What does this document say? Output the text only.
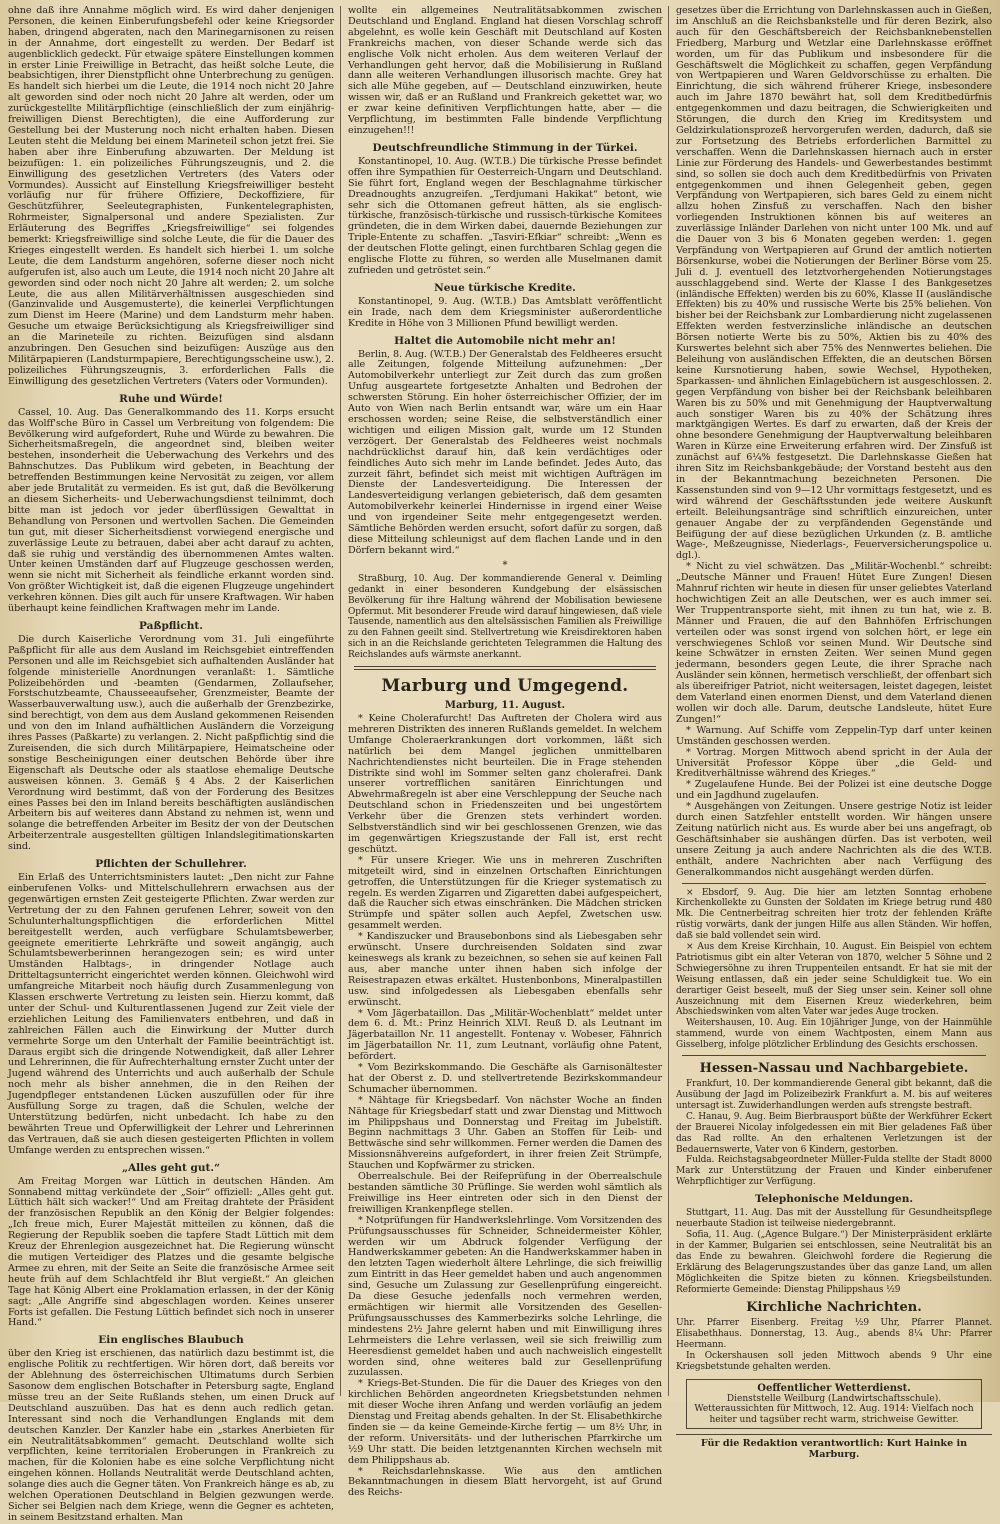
ohne daß ihre Annahme möglich wird. Es wird daher denjenigen Personen, die keinen Einberufungsbefehl oder keine Kriegsorder haben, dringend abgeraten, nach den Marinegarnisonen zu reisen in der Annahme, dort eingestellt zu werden. Der Bedarf ist augenblicklich gedeckt. Für etwaige spätere Einstellungen kommen in erster Linie Freiwillige in Betracht, das heißt solche Leute, die beabsichtigen, ihrer Dienstpflicht ohne Unterbrechung zu genügen. Es handelt sich hierbei um die Leute, die 1914 noch nicht 20 Jahre alt geworden sind oder noch nicht 20 Jahre alt werden, oder um zurückgestellte Militärpflichtige (einschließlich der zum einjährig-freiwilligen Dienst Berechtigten), die eine Aufforderung zur Gestellung bei der Musterung noch nicht erhalten haben. Diesen Leuten steht die Meldung bei einem Marineteil schon jetzt frei. Sie haben aber ihre Einberufung abzuwarten. Der Meldung ist beizufügen: 1. ein polizeiliches Führungszeugnis, und 2. die Einwilligung des gesetzlichen Vertreters (des Vaters oder Vormundes). Aussicht auf Einstellung Kriegsfreiwilliger besteht vorläufig nur für frühere Offiziere, Deckoffiziere, für Geschützführer, Seeleutegraphisten, Funkentelegraphisten, Rohrmeister, Signalpersonal und andere Spezialisten. Zur Erläuterung des Begriffes „Kriegsfreiwillige“ sei folgendes bemerkt: Kriegsfreiwillige sind solche Leute, die für die Dauer des Krieges eingestellt werden. Es handelt sich hierbei 1. um solche Leute, die dem Landsturm angehören, soferne dieser noch nicht aufgerufen ist, also auch um Leute, die 1914 noch nicht 20 Jahre alt geworden sind oder noch nicht 20 Jahre alt werden; 2. um solche Leute, die aus allen Militärverhältnissen ausgeschieden sind (Ganzinvalide und Ausgemusterte), die keinerlei Verpflichtungen zum Dienst im Heere (Marine) und dem Landsturm mehr haben. Gesuche um etwaige Berücksichtigung als Kriegsfreiwilliger sind an die Marineteile zu richten. Beizufügen sind alsdann anzubringen. Den Gesuchen sind beizufügen: Auszüge aus den Militärpapieren (Landsturmpapiere, Berechtigungsscheine usw.), 2. polizeiliches Führungszeugnis, 3. erforderlichen Falls die Einwilligung des gesetzlichen Vertreters (Vaters oder Vormunden).

Ruhe und Würde!

Cassel, 10. Aug. Das Generalkommando des 11. Korps ersucht das Wolff'sche Büro in Cassel um Verbreitung von folgendem: Die Bevölkerung wird aufgefordert, Ruhe und Würde zu bewahren. Die Sicherheitsmaßregeln, die angeordnet sind, bleiben weiter bestehen, insonderheit die Ueberwachung des Verkehrs und des Bahnschutzes. Das Publikum wird gebeten, in Beachtung der betreffenden Bestimmungen keine Nervosität zu zeigen, vor allem aber jede Brutalität zu vermeiden. Es ist gut, daß die Bevölkerung an diesem Sicherheits- und Ueberwachungsdienst teilnimmt, doch bitte man ist jedoch vor jeder überflüssigen Gewalttat in Behandlung von Personen und wertvollen Sachen. Die Gemeinden tun gut, mit dieser Sicherheitsdienst vorwiegend energische und zuverlässige Leute zu betrauen, dabei aber acht darauf zu achten, daß sie ruhig und verständig des übernommenen Amtes walten. Unter keinen Umständen darf auf Flugzeuge geschossen werden, wenn sie nicht mit Sicherheit als feindliche erkannt worden sind. Von größter Wichtigkeit ist, daß die eigenen Flugzeuge ungehindert verkehren können. Dies gilt auch für unsere Kraftwagen. Wir haben überhaupt keine feindlichen Kraftwagen mehr im Lande.

Paßpflicht.

Die durch Kaiserliche Verordnung vom 31. Juli eingeführte Paßpflicht für alle aus dem Ausland im Reichsgebiet eintreffenden Personen und alle im Reichsgebiet sich aufhaltenden Ausländer hat folgende ministerielle Anordnungen veranlaßt: 1. Sämtliche Polizeibehörden und -beamten (Gendarmen, Zollaufseher, Forstschutzbeamte, Chausseeaufseher, Grenzmeister, Beamte der Wasserbauverwaltung usw.), auch die außerhalb der Grenzbezirke, sind berechtigt, von dem aus dem Ausland gekommenen Reisenden und von den im Inland aufhältlichen Ausländern die Vorzeigung ihres Passes (Paßkarte) zu verlangen. 2. Nicht paßpflichtig sind die Zureisenden, die sich durch Militärpapiere, Heimatscheine oder sonstige Bescheinigungen einer deutschen Behörde über ihre Eigenschaft als Deutsche oder als staatlose ehemalige Deutsche ausweisen können. 3. Gemäß § 4 Abs. 2 der Kaiserlichen Verordnung wird bestimmt, daß von der Forderung des Besitzes eines Passes bei den im Inland bereits beschäftigten ausländischen Arbeitern bis auf weiteres dann Abstand zu nehmen ist, wenn und solange die betreffenden Arbeiter im Besitz der von der Deutschen Arbeiterzentrale ausgestellten gültigen Inlandslegitimationskarten sind.

Pflichten der Schullehrer.

Ein Erlaß des Unterrichtsministers lautet: „Den nicht zur Fahne einberufenen Volks- und Mittelschullehrern erwachsen aus der gegenwärtigen ernsten Zeit gesteigerte Pflichten. Zwar werden zur Vertretung der zu den Fahnen gerufenen Lehrer, soweit von den Schulunterhaltungspflichtigen die erforderlichen Mittel bereitgestellt werden, auch verfügbare Schulamtsbewerber, geeignete emeritierte Lehrkräfte und soweit angängig, auch Schulamtsbewerberinnen herangezogen sein; es wird unter Umständen Halbtags-, in dringender Notlage auch Dritteltagsunterricht eingerichtet werden können. Gleichwohl wird umfangreiche Mitarbeit noch häufig durch Zusammenlegung von Klassen erschwerte Vertretung zu leisten sein. Hierzu kommt, daß unter der Schul- und Kulturentlassenen Jugend zur Zeit viele der erziehlichen Leitung des Familienvaters entbehren, und daß in zahlreichen Fällen auch die Einwirkung der Mutter durch vermehrte Sorge um den Unterhalt der Familie beeinträchtigt ist. Daraus ergibt sich die dringende Notwendigkeit, daß aller Lehrer und Lehrerinnen, die für Aufrechterhaltung ernster Zucht unter der Jugend während des Unterrichts und auch außerhalb der Schule noch mehr als bisher annehmen, die in den Reihen der Jugendpfleger entstandenen Lücken auszufüllen oder für ihre Ausfüllung Sorge zu tragen, daß die Schulen, welche der Unterstützung bedürfen, nicht unbedacht. Ich habe zu den bewährten Treue und Opferwilligkeit der Lehrer und Lehrerinnen das Vertrauen, daß sie auch diesen gesteigerten Pflichten in vollem Umfange werden zu entsprechen wissen.“

„Alles geht gut.“

Am Freitag Morgen war Lüttich in deutschen Händen. Am Sonnabend mittag verkündete der „Soir“ offiziell: „Alles geht gut. Lüttich hält sich wacker!“ Und am Freitag drahtete der Präsident der französischen Republik an den König der Belgier folgendes: „Ich freue mich, Eurer Majestät mitteilen zu können, daß die Regierung der Republik soeben die tapfere Stadt Lüttich mit dem Kreuz der Ehrenlegion ausgezeichnet hat. Die Regierung wünscht die mutigen Verteidiger des Platzes und die gesamte belgische Armee zu ehren, mit der Seite an Seite die französische Armee seit heute früh auf dem Schlachtfeld ihr Blut vergießt.“ An gleichen Tage hat König Albert eine Proklamation erlassen, in der der König sagt: „Alle Angriffe sind abgeschlagen worden. Keines unserer Forts ist gefallen. Die Festung Lüttich befindet sich noch in unserer Hand.“

Ein englisches Blaubuch

über den Krieg ist erschienen, das natürlich dazu bestimmt ist, die englische Politik zu rechtfertigen. Wir hören dort, daß bereits vor der Ablehnung des österreichischen Ultimatums durch Serbien Sasonow dem englischen Botschafter in Petersburg sagte, England müsse treu an der Seite Rußlands stehen, um einen Druck auf Deutschland auszuüben. Das hat es denn auch redlich getan. Interessant sind noch die Verhandlungen Englands mit dem deutschen Kanzler. Der Kanzler habe ein „starkes Anerbieten für ein Neutralitätsabkommen“ gemacht. Deutschland wollte sich verpflichten, keine territorialen Eroberungen in Frankreich zu machen, für die Kolonien habe es eine solche Verpflichtung nicht eingehen können. Hollands Neutralität werde Deutschland achten, solange dies auch die Gegner täten. Von Frankreich hänge es ab, zu welchen Operationen Deutschland in Belgien gezwungen werde. Sicher sei Belgien nach dem Kriege, wenn die Gegner es achteten, in seinem Besitzstand erhalten. Man

wollte ein allgemeines Neutralitätsabkommen zwischen Deutschland und England. England hat diesen Vorschlag schroff abgelehnt, es wolle kein Geschäft mit Deutschland auf Kosten Frankreichs machen, von dieser Schande werde sich das englische Volk nicht erholen. Aus dem weiteren Verlauf der Verhandlungen geht hervor, daß die Mobilisierung in Rußland dann alle weiteren Verhandlungen illusorisch machte. Grey hat sich alle Mühe gegeben, auf — Deutschland einzuwirken, heute wissen wir, daß er an Rußland und Frankreich gekettet war, wo er zwar keine definitiven Verpflichtungen hatte, aber — die Verpflichtung, im bestimmten Falle bindende Verpflichtung einzugehen!!!

Deutschfreundliche Stimmung in der Türkei.

Konstantinopel, 10. Aug. (W.T.B.) Die türkische Presse befindet offen ihre Sympathien für Oesterreich-Ungarn und Deutschland. Sie führt fort, England wegen der Beschlagnahme türkischer Dreadnoughts anzugreifen. „Terdjumani Hakikat“ betont, wie sehr sich die Ottomanen gefreut hätten, als sie englisch-türkische, französisch-türkische und russisch-türkische Komitees gründeten, die in dem Wirken dabei, dauernde Beziehungen zur Triple-Entente zu schaffen. „Tasviri-Efkiar“ schreibt: „Wenn es der deutschen Flotte gelingt, einen furchtbaren Schlag gegen die englische Flotte zu führen, so werden alle Muselmanen damit zufrieden und getröstet sein.“

Neue türkische Kredite.

Konstantinopel, 9. Aug. (W.T.B.) Das Amtsblatt veröffentlicht ein Irade, nach dem dem Kriegsminister außerordentliche Kredite in Höhe von 3 Millionen Pfund bewilligt werden.

Haltet die Automobile nicht mehr an!

Berlin, 8. Aug. (W.T.B.) Der Generalstab des Feldheeres ersucht alle Zeitungen, folgende Mitteilung aufzunehmen: „Der Automobilverkehr unterliegt zur Zeit durch das zum großen Unfug ausgeartete fortgesetzte Anhalten und Bedrohen der schwersten Störung. Ein hoher österreichischer Offizier, der im Auto von Wien nach Berlin entsandt war, wäre um ein Haar erschossen worden; seine Reise, die selbstverständlich einer wichtigen und eiligen Mission galt, wurde um 12 Stunden verzögert. Der Generalstab des Feldheeres weist nochmals nachdrücklichst darauf hin, daß kein verdächtiges oder feindliches Auto sich mehr im Lande befindet. Jedes Auto, das zurzeit fährt, befindet sich meist mit wichtigen Aufträgen im Dienste der Landesverteidigung. Die Interessen der Landesverteidigung verlangen gebieterisch, daß dem gesamten Automobilverkehr keinerlei Hindernisse in irgend einer Weise und von irgendeiner Seite mehr entgegengesetzt werden. Sämtliche Behörden werden ersucht, sofort dafür zu sorgen, daß diese Mitteilung schleunigst auf dem flachen Lande und in den Dörfern bekannt wird.“

*

Straßburg, 10. Aug. Der kommandierende General v. Deimling gedankt in einer besonderen Kundgebung der elsässischen Bevölkerung für ihre Haltung während der Mobilisation bewiesene Opfermut. Mit besonderer Freude wird darauf hingewiesen, daß viele Tausende, namentlich aus den altelsässischen Familien als Freiwillige zu den Fahnen geeilt sind. Stellvertretung wie Kreisdirektoren haben sich in an die Reichslande gerichteten Telegrammen die Haltung des Reichslandes aufs wärmste anerkannt.

Marburg und Umgegend.
Marburg, 11. August.

* Keine Cholerafurcht! Das Auftreten der Cholera wird aus mehreren Distrikten des inneren Rußlands gemeldet. In welchem Umfange Choleraerkrankungen dort vorkommen, läßt sich natürlich bei dem Mangel jeglichen unmittelbaren Nachrichtendienstes nicht beurteilen. Die in Frage stehenden Distrikte sind wohl im Sommer selten ganz cholerafrei. Dank unserer vortrefflichen sanitären Einrichtungen und Abwehrmaßregeln ist aber eine Verschleppung der Seuche nach Deutschland schon in Friedenszeiten und bei ungestörtem Verkehr über die Grenzen stets verhindert worden. Selbstverständlich sind wir bei geschlossenen Grenzen, wie das im gegenwärtigen Kriegszustande der Fall ist, erst recht geschützt.

* Für unsere Krieger. Wie uns in mehreren Zuschriften mitgeteilt wird, sind in einzelnen Ortschaften Einrichtungen getroffen, die Unterstützungen für die Krieger systematisch zu regeln. Es werden Zigarren und Zigaretten dabei aufgespeichert, daß die Raucher sich etwas einschränken. Die Mädchen stricken Strümpfe und später sollen auch Aepfel, Zwetschen usw. gesammelt werden.

* Kandiszucker und Brausebonbons sind als Liebesgaben sehr erwünscht. Unsere durchreisenden Soldaten sind zwar keineswegs als krank zu bezeichnen, so sehen sie auf keinen Fall aus, aber manche unter ihnen haben sich infolge der Reisestrapazen etwas erkältet. Hustenbonbons, Mineralpastillen usw. sind infolgedessen als Liebesgaben ebenfalls sehr erwünscht.

* Vom Jägerbataillon. Das „Militär-Wochenblatt“ meldet unter dem 6. d. Mt.: Prinz Heinrich XLVI. Reuß D. als Leutnant im Jägerbataillon Nr. 11 angestellt. Fontenay v. Wobeser, Fähnrich im Jägerbataillon Nr. 11, zum Leutnant, vorläufig ohne Patent, befördert.

* Vom Bezirkskommando. Die Geschäfte als Garnisonältester hat der Oberst z. D. und stellvertretende Bezirkskommandeur Schumacher übernommen.

* Nähtage für Kriegsbedarf. Von nächster Woche an finden Nähtage für Kriegsbedarf statt und zwar Dienstag und Mittwoch im Philippshaus und Donnerstag und Freitag im Jubelstift. Beginn nachmittags 3 Uhr. Gaben an Stoffen für Leib- und Bettwäsche sind sehr willkommen. Ferner werden die Damen des Missionsnähvereins aufgefordert, in ihrer freien Zeit Strümpfe, Stauchen und Kopfwärmer zu stricken.

Oberrealschule. Bei der Reifeprüfung in der Oberrealschule bestanden sämtliche 30 Prüflinge. Sie werden wohl sämtlich als Freiwillige ins Heer eintreten oder sich in den Dienst der freiwilligen Krankenpflege stellen.

* Notprüfungen für Handwerkslehrlinge. Vom Vorsitzenden des Prüfungsausschusses für Schneider, Schneidermeister Köhler, werden wir um Abdruck folgender Verfügung der Handwerkskammer gebeten: An die Handwerkskammer haben in den letzten Tagen wiederholt ältere Lehrlinge, die sich freiwillig zum Eintritt in das Heer gemeldet haben und auch angenommen sind, Gesuche um Zulassung zur Gesellenprüfung eingereicht. Da diese Gesuche jedenfalls noch vermehren werden, ermächtigen wir hiermit alle Vorsitzenden des Gesellen-Prüfungsausschusses des Kammerbezirks solche Lehrlinge, die mindestens 2½ Jahre gelernt haben und mit Einwilligung ihres Lehrmeisters die Lehre verlassen, weil sie sich freiwillig zum Heeresdienst gemeldet haben und auch nachweislich eingestellt worden sind, ohne weiteres bald zur Gesellenprüfung zuzulassen.

* Kriegs-Bet-Stunden. Die für die Dauer des Krieges von den kirchlichen Behörden angeordneten Kriegsbetstunden nehmen mit dieser Woche ihren Anfang und werden vorläufig an jedem Dienstag und Freitag abends gehalten. In der St. Elisabethkirche finden sie — da keine Gemeinde-Kirche fertig — um 8½ Uhr, in der reform. Universitäts- und der lutherischen Pfarrkirche um ½9 Uhr statt. Die beiden letztgenannten Kirchen wechseln mit dem Philippshaus ab.

* Reichsdarlehnskasse. Wie aus den amtlichen Bekanntmachungen in diesem Blatt hervorgeht, ist auf Grund des Reichs-

gesetzes über die Errichtung von Darlehnskassen auch in Gießen, im Anschluß an die Reichsbankstelle und für deren Bezirk, also auch für den Geschäftsbereich der Reichsbanknebenstellen Friedberg, Marburg und Wetzlar eine Darlehnskasse eröffnet worden, um für das Publikum und insbesondere für die Geschäftswelt die Möglichkeit zu schaffen, gegen Verpfändung von Wertpapieren und Waren Geldvorschüsse zu erhalten. Die Einrichtung, die sich während früherer Kriege, insbesondere auch im Jahre 1870 bewährt hat, soll dem Kreditbedürfnis entgegenkommen und dazu beitragen, die Schwierigkeiten und Störungen, die durch den Krieg im Kreditsystem und Geldzirkulationsprozeß hervorgerufen werden, dadurch, daß sie zur Fortsetzung des Betriebs erforderlichen Barmittel zu verschaffen. Wenn die Darlehnskassen hiernach auch in erster Linie zur Förderung des Handels- und Gewerbestandes bestimmt sind, so sollen sie doch auch dem Kreditbedürfnis von Privaten entgegenkommen und ihnen Gelegenheit geben, gegen Verpfändung von Wertpapieren, sich bares Geld zu einem nicht allzu hohen Zinsfuß zu verschaffen. Nach den bisher vorliegenden Instruktionen können bis auf weiteres an zuverlässige Inländer Darlehen von nicht unter 100 Mk. und auf die Dauer von 3 bis 6 Monaten gegeben werden: 1. gegen Verpfändung von Wertpapieren auf Grund der amtlich notierten Börsenkurse, wobei die Notierungen der Berliner Börse vom 25. Juli d. J. eventuell des letztvorhergehenden Notierungstages ausschlaggebend sind. Werte der Klasse I des Bankgesetzes (inländische Effekten) werden bis zu 60%, Klasse II (ausländische Effekten) bis zu 40% und russische Werte bis 25% beliehen. Von bisher bei der Reichsbank zur Lombardierung nicht zugelassenen Effekten werden festverzinsliche inländische an deutschen Börsen notierte Werte bis zu 50%, Aktien bis zu 40% des Kurswertes belehnt sich aber 75% des Nennwertes beliehen. Die Beleihung von ausländischen Effekten, die an deutschen Börsen keine Kursnotierung haben, sowie Wechsel, Hypotheken, Sparkassen- und ähnlichen Einlagebüchern ist ausgeschlossen. 2. gegen Verpfändung von bisher bei der Reichsbank beleihbaren Waren bis zu 50% und mit Genehmigung der Hauptverwaltung auch sonstiger Waren bis zu 40% der Schätzung ihres marktgängigen Wertes. Es darf zu erwarten, daß der Kreis der ohne besondere Genehmigung der Hauptverwaltung beleihbaren Waren in Kürze eine Erweiterung erfahren wird. Der Zinsfuß ist zunächst auf 6¼% festgesetzt. Die Darlehnskasse Gießen hat ihren Sitz im Reichsbankgebäude; der Vorstand besteht aus den in der Bekanntmachung bezeichneten Personen. Die Kassenstunden sind von 9—12 Uhr vormittags festgesetzt, und es wird während der Geschäftsstunden jede weitere Auskunft erteilt. Beleihungsanträge sind schriftlich einzureichen, unter genauer Angabe der zu verpfändenden Gegenstände und Beifügung der auf diese bezüglichen Urkunden (z. B. amtliche Wage-, Meßzeugnisse, Niederlags-, Feuerversicherungspolice u. dgl.).

* Nicht zu viel schwätzen. Das „Militär-Wochenbl.“ schreibt: „Deutsche Männer und Frauen! Hütet Eure Zungen! Diesen Mahnruf richten wir heute in diesen für unser geliebtes Vaterland hochwichtigen Zeit an alle Deutschen, wer es auch immer sei. Wer Truppentransporte sieht, mit ihnen zu tun hat, wie z. B. Männer und Frauen, die auf den Bahnhöfen Erfrischungen verteilen oder was sonst irgend von solchen hört, er lege ein verschwiegenes Schloß vor seinen Mund. Wir Deutsche sind keine Schwätzer in ernsten Zeiten. Wer seinen Mund gegen jedermann, besonders gegen Leute, die ihrer Sprache nach Ausländer sein können, hermetisch verschließt, der offenbart sich als übereifriger Patriot, nicht weitersagen, leistet dagegen, leistet dem Vaterland einen enormen Dienst, und dem Vaterland dienen wollen wir doch alle. Darum, deutsche Landsleute, hütet Eure Zungen!“

* Warnung. Auf Schiffe vom Zeppelin-Typ darf unter keinen Umständen geschossen werden.

* Vortrag. Morgen Mittwoch abend spricht in der Aula der Universität Professor Köppe über „die Geld- und Kreditverhältnisse während des Krieges.“

* Zugelaufene Hunde. Bei der Polizei ist eine deutsche Dogge und ein Jagdhund zugelaufen.

* Ausgehängen von Zeitungen. Unsere gestrige Notiz ist leider durch einen Satzfehler entstellt worden. Wir hängen unsere Zeitung natürlich nicht aus. Es wurde aber bei uns angefragt, ob Geschäftsinhaber sie aushängen dürfen. Das ist verboten, weil unsere Zeitung ja auch andere Nachrichten als die des W.T.B. enthält, andere Nachrichten aber nach Verfügung des Generalkommandos nicht ausgehängt werden dürfen.

× Ebsdorf, 9. Aug. Die hier am letzten Sonntag erhobene Kirchenkollekte zu Gunsten der Soldaten im Kriege betrug rund 480 Mk. Die Centnerbeitrag schreiten hier trotz der fehlenden Kräfte rüstig vorwärts, dank der jungen Hilfe aus allen Ständen. Wir hoffen, daß sie bald vollendet sein wird.

× Aus dem Kreise Kirchhain, 10. August. Ein Beispiel von echtem Patriotismus gibt ein alter Veteran von 1870, welcher 5 Söhne und 2 Schwiegersöhne zu ihren Truppenteilen entsandt. Er hat sie mit der Weisung entlassen, daß ein jeder seine Schuldigkeit tue. Wo ein derartiger Geist beseelt, muß der Sieg unser sein. Keiner soll ohne Auszeichnung mit dem Eisernen Kreuz wiederkehren, beim Abschiedswinken vom alten Vater war jedes Auge trocken.

Weitershausen, 10. Aug. Ein 10jähriger Junge, von der Hainmühle stammend, wurde von einem Wachtposten, einem Mann aus Gisselberg, infolge plötzlicher Erblindung des Gesichts erschossen.

Hessen-Nassau und Nachbargebiete.

Frankfurt, 10. Der kommandierende General gibt bekannt, daß die Ausübung der Jagd im Polizeibezirk Frankfurt a. M. bis auf weiteres untersagt ist. Zuwiderhandlungen werden aufs strengste bestraft.

C. Hanau, 9. Aug. Beim Bierbrausport büßte der Werkführer Eckert der Brauerei Nicolay infolgedessen ein mit Bier geladenes Faß über das Rad rollte. An den erhaltenen Verletzungen ist der Bedauernswerte, Vater von 6 Kindern, gestorben.

Fulda. Reichstagsabgeordneter Müller-Fulda stellte der Stadt 8000 Mark zur Unterstützung der Frauen und Kinder einberufener Wehrpflichtiger zur Verfügung.

Telephonische Meldungen.

Stuttgart, 11. Aug. Das mit der Ausstellung für Gesundheitspflege neuerbaute Stadion ist teilweise niedergebrannt.

Sofia, 11. Aug. („Agence Bulgare.“) Der Ministerpräsident erklärte in der Kammer, Bulgarien sei entschlossen, seine Neutralität bis an das Ende zu bewahren. Gleichwohl fordere die Regierung die Erklärung des Belagerungszustandes über das ganze Land, um allen Möglichkeiten die Spitze bieten zu können. Kriegsbeilstunden. Reformierte Gemeinde: Dienstag Philippshaus ½9

Kirchliche Nachrichten.

Uhr. Pfarrer Eisenberg. Freitag ½9 Uhr, Pfarrer Plannet. Elisabethhaus. Donnerstag, 13. Aug., abends 8¼ Uhr: Pfarrer Heermann.

In Ockershausen soll jeden Mittwoch abends 9 Uhr eine Kriegsbetstunde gehalten werden.

Oeffentlicher Wetterdienst.
Dienststelle Weilburg (Landwirtschaftsschule).
Wetteraussichten für Mittwoch, 12. Aug. 1914: Vielfach noch heiter und tagsüber recht warm, strichweise Gewitter.
Für die Redaktion verantwortlich: Kurt Hainke in Marburg.
